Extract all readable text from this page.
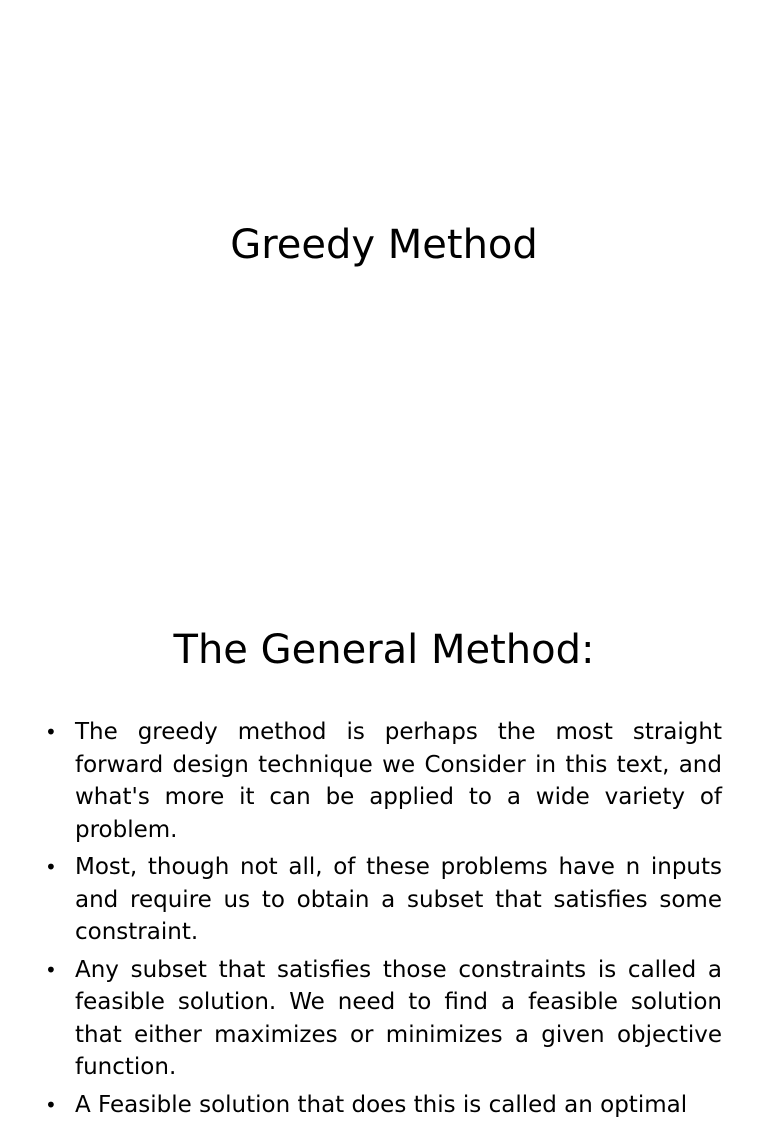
Greedy Method
The General Method:
• The greedy method is perhaps the most straight forward design technique we Consider in this text, and what's more it can be applied to a wide variety of problem.
• Most, though not all, of these problems have n inputs and require us to obtain a subset that satisfies some constraint.
• Any subset that satisfies those constraints is called a feasible solution. We need to find a feasible solution that either maximizes or minimizes a given objective function.
• A Feasible solution that does this is called an optimal
